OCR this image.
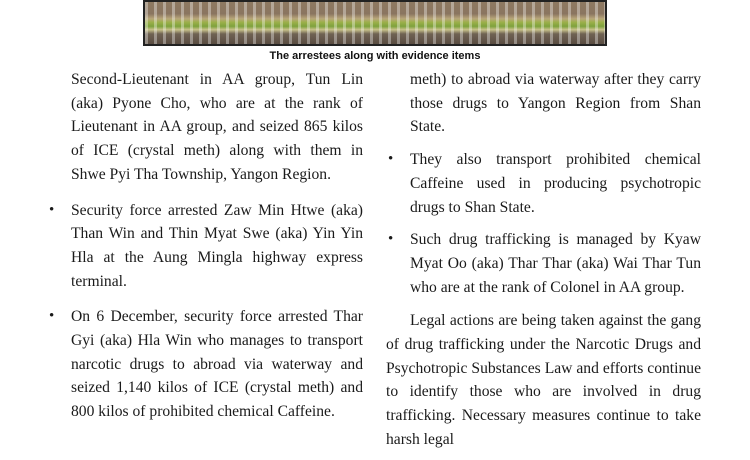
The arrestees along with evidence items

Second-Lieutenant in AA group, Tun Lin (aka) Pyone Cho, who are at the rank of Lieutenant in AA group, and seized 865 kilos of ICE (crystal meth) along with them in Shwe Pyi Tha Township, Yangon Region.

• Security force arrested Zaw Min Htwe (aka) Than Win and Thin Myat Swe (aka) Yin Yin Hla at the Aung Mingla highway express terminal.
• On 6 December, security force arrested Thar Gyi (aka) Hla Win who manages to transport narcotic drugs to abroad via waterway and seized 1,140 kilos of ICE (crystal meth) and 800 kilos of prohibited chemical Caffeine.

meth) to abroad via waterway after they carry those drugs to Yangon Region from Shan State.

• They also transport prohibited chemical Caffeine used in producing psychotropic drugs to Shan State.
• Such drug trafficking is managed by Kyaw Myat Oo (aka) Thar Thar (aka) Wai Thar Tun who are at the rank of Colonel in AA group.

Legal actions are being taken against the gang of drug trafficking under the Narcotic Drugs and Psychotropic Substances Law and efforts continue to identify those who are involved in drug trafficking. Necessary measures continue to take harsh legal
